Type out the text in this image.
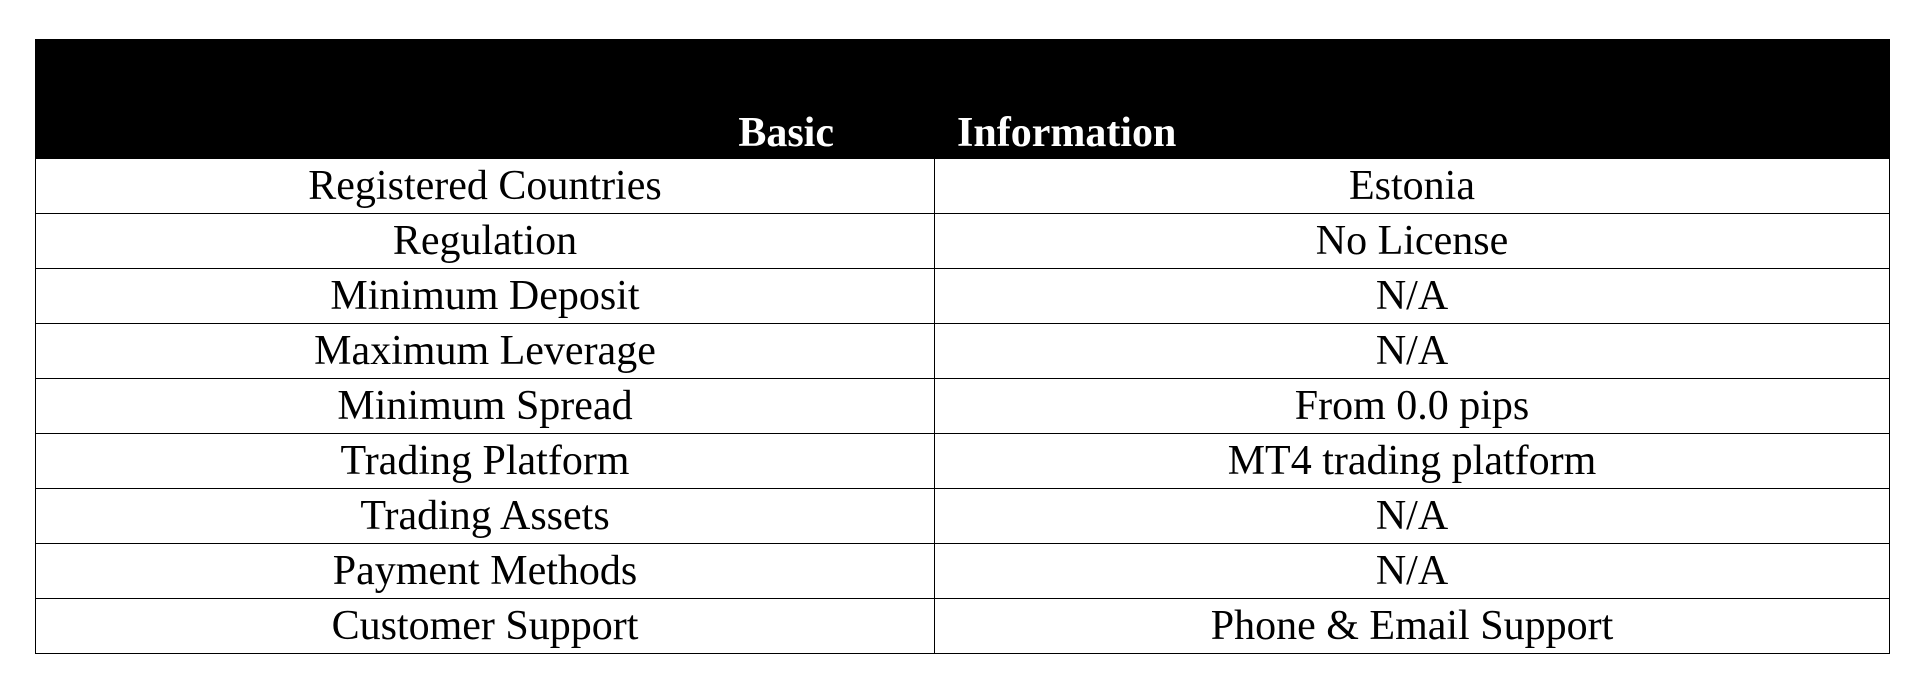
Basic	Information
Registered Countries	Estonia
Regulation	No License
Minimum Deposit	N/A
Maximum Leverage	N/A
Minimum Spread	From 0.0 pips
Trading Platform	MT4 trading platform
Trading Assets	N/A
Payment Methods	N/A
Customer Support	Phone & Email Support
